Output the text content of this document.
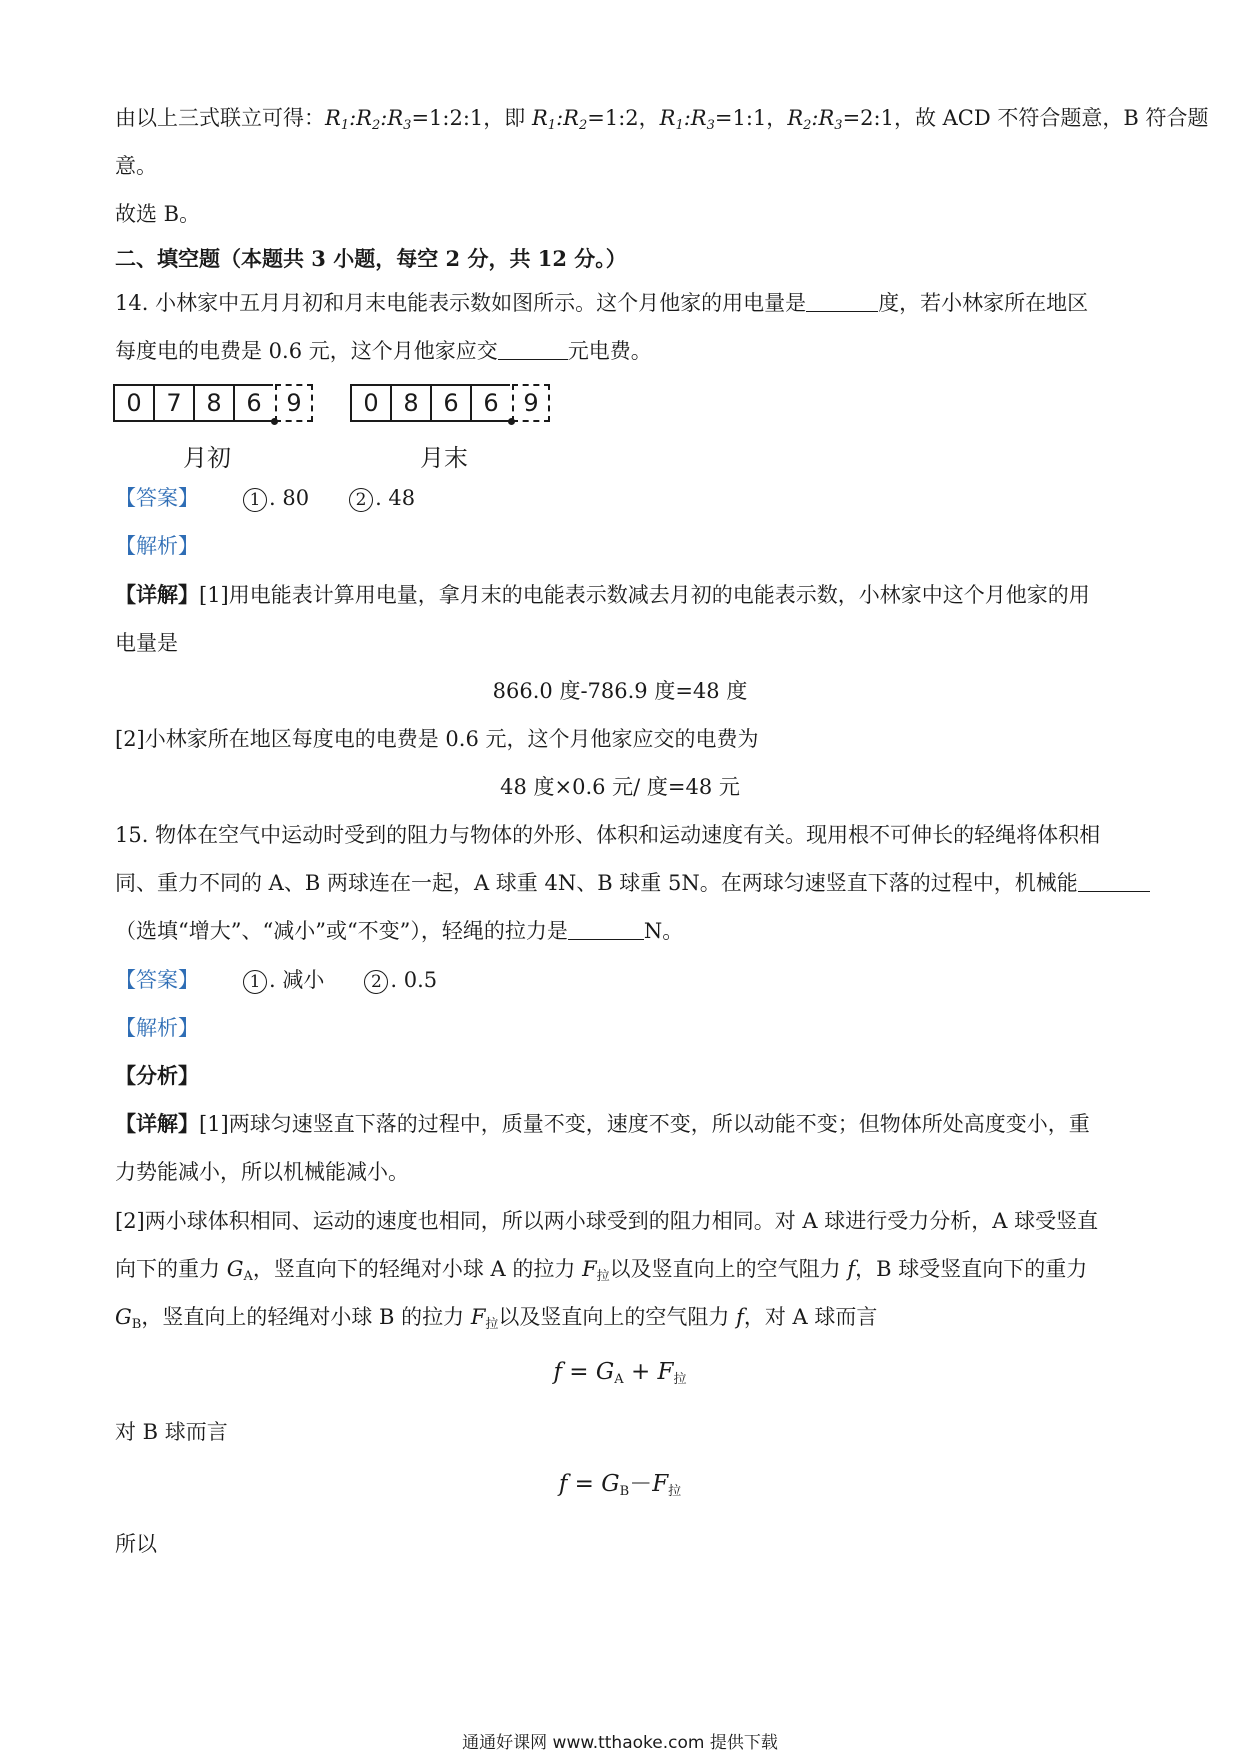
由以上三式联立可得：$R_1:R_2:R_3=1:2:1$，即 $R_1:R_2=1:2$，$R_1:R_3=1:1$，$R_2:R_3=2:1$，故 ACD 不符合题意，B 符合题
意。
故选 B。
二、填空题（本题共 3 小题，每空 2 分，共 12 分。）
14. 小林家中五月月初和月末电能表示数如图所示。这个月他家的用电量是	度，若小林家所在地区
每度电的电费是 0.6 元，这个月他家应交	元电费。
0	7	8	6	9	0	8	6	6	9
月初	月末
【答案】	1 . 80	2 . 48
【解析】
【详解】[1]用电能表计算用电量，拿月末的电能表示数减去月初的电能表示数，小林家中这个月他家的用
电量是
866.0 度-786.9 度=48 度
[2]小林家所在地区每度电的电费是 0.6 元，这个月他家应交的电费为
48 度×0.6 元/ 度=48 元
15. 物体在空气中运动时受到的阻力与物体的外形、体积和运动速度有关。现用根不可伸长的轻绳将体积相
同、重力不同的 A、B 两球连在一起，A 球重 4N、B 球重 5N。在两球匀速竖直下落的过程中，机械能
（选填“增大”、“减小”或“不变”），轻绳的拉力是	N。
【答案】	1 . 减小	2 . 0.5
【解析】
【分析】
【详解】[1]两球匀速竖直下落的过程中，质量不变，速度不变，所以动能不变；但物体所处高度变小，重
力势能减小，所以机械能减小。
[2]两小球体积相同、运动的速度也相同，所以两小球受到的阻力相同。对 A 球进行受力分析，A 球受竖直
向下的重力 $G_A$，竖直向下的轻绳对小球 A 的拉力 $F_拉$以及竖直向上的空气阻力 f，B 球受竖直向下的重力
$G_B$，竖直向上的轻绳对小球 B 的拉力 $F_拉$以及竖直向上的空气阻力 f，对 A 球而言
$f = G_A + F_拉$
对 B 球而言
$f = G_B-F_拉$
所以
通通好课网 www.tthaoke.com 提供下载
